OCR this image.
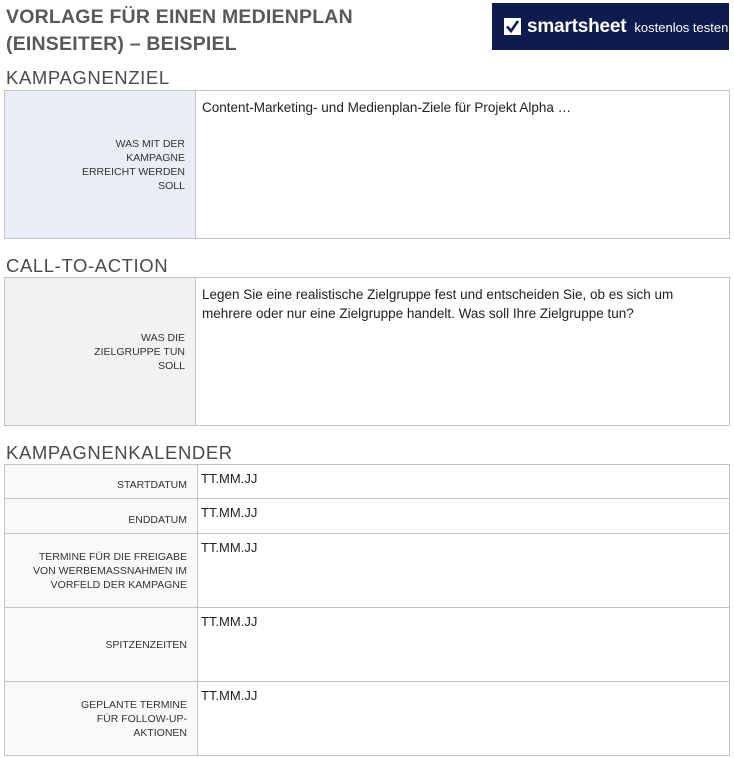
VORLAGE FÜR EINEN MEDIENPLAN
(EINSEITER) – BEISPIEL
smartsheet kostenlos testen
KAMPAGNENZIEL
WAS MIT DER KAMPAGNE ERREICHT WERDEN SOLL
Content-Marketing- und Medienplan-Ziele für Projekt Alpha …
CALL-TO-ACTION
WAS DIE ZIELGRUPPE TUN SOLL
Legen Sie eine realistische Zielgruppe fest und entscheiden Sie, ob es sich um mehrere oder nur eine Zielgruppe handelt. Was soll Ihre Zielgruppe tun?
KAMPAGNENKALENDER
STARTDATUM	TT.MM.JJ
ENDDATUM	TT.MM.JJ
TERMINE FÜR DIE FREIGABE VON WERBEMASSNAHMEN IM VORFELD DER KAMPAGNE
TT.MM.JJ
SPITZENZEITEN
TT.MM.JJ
GEPLANTE TERMINE FÜR FOLLOW-UP-AKTIONEN
TT.MM.JJ
